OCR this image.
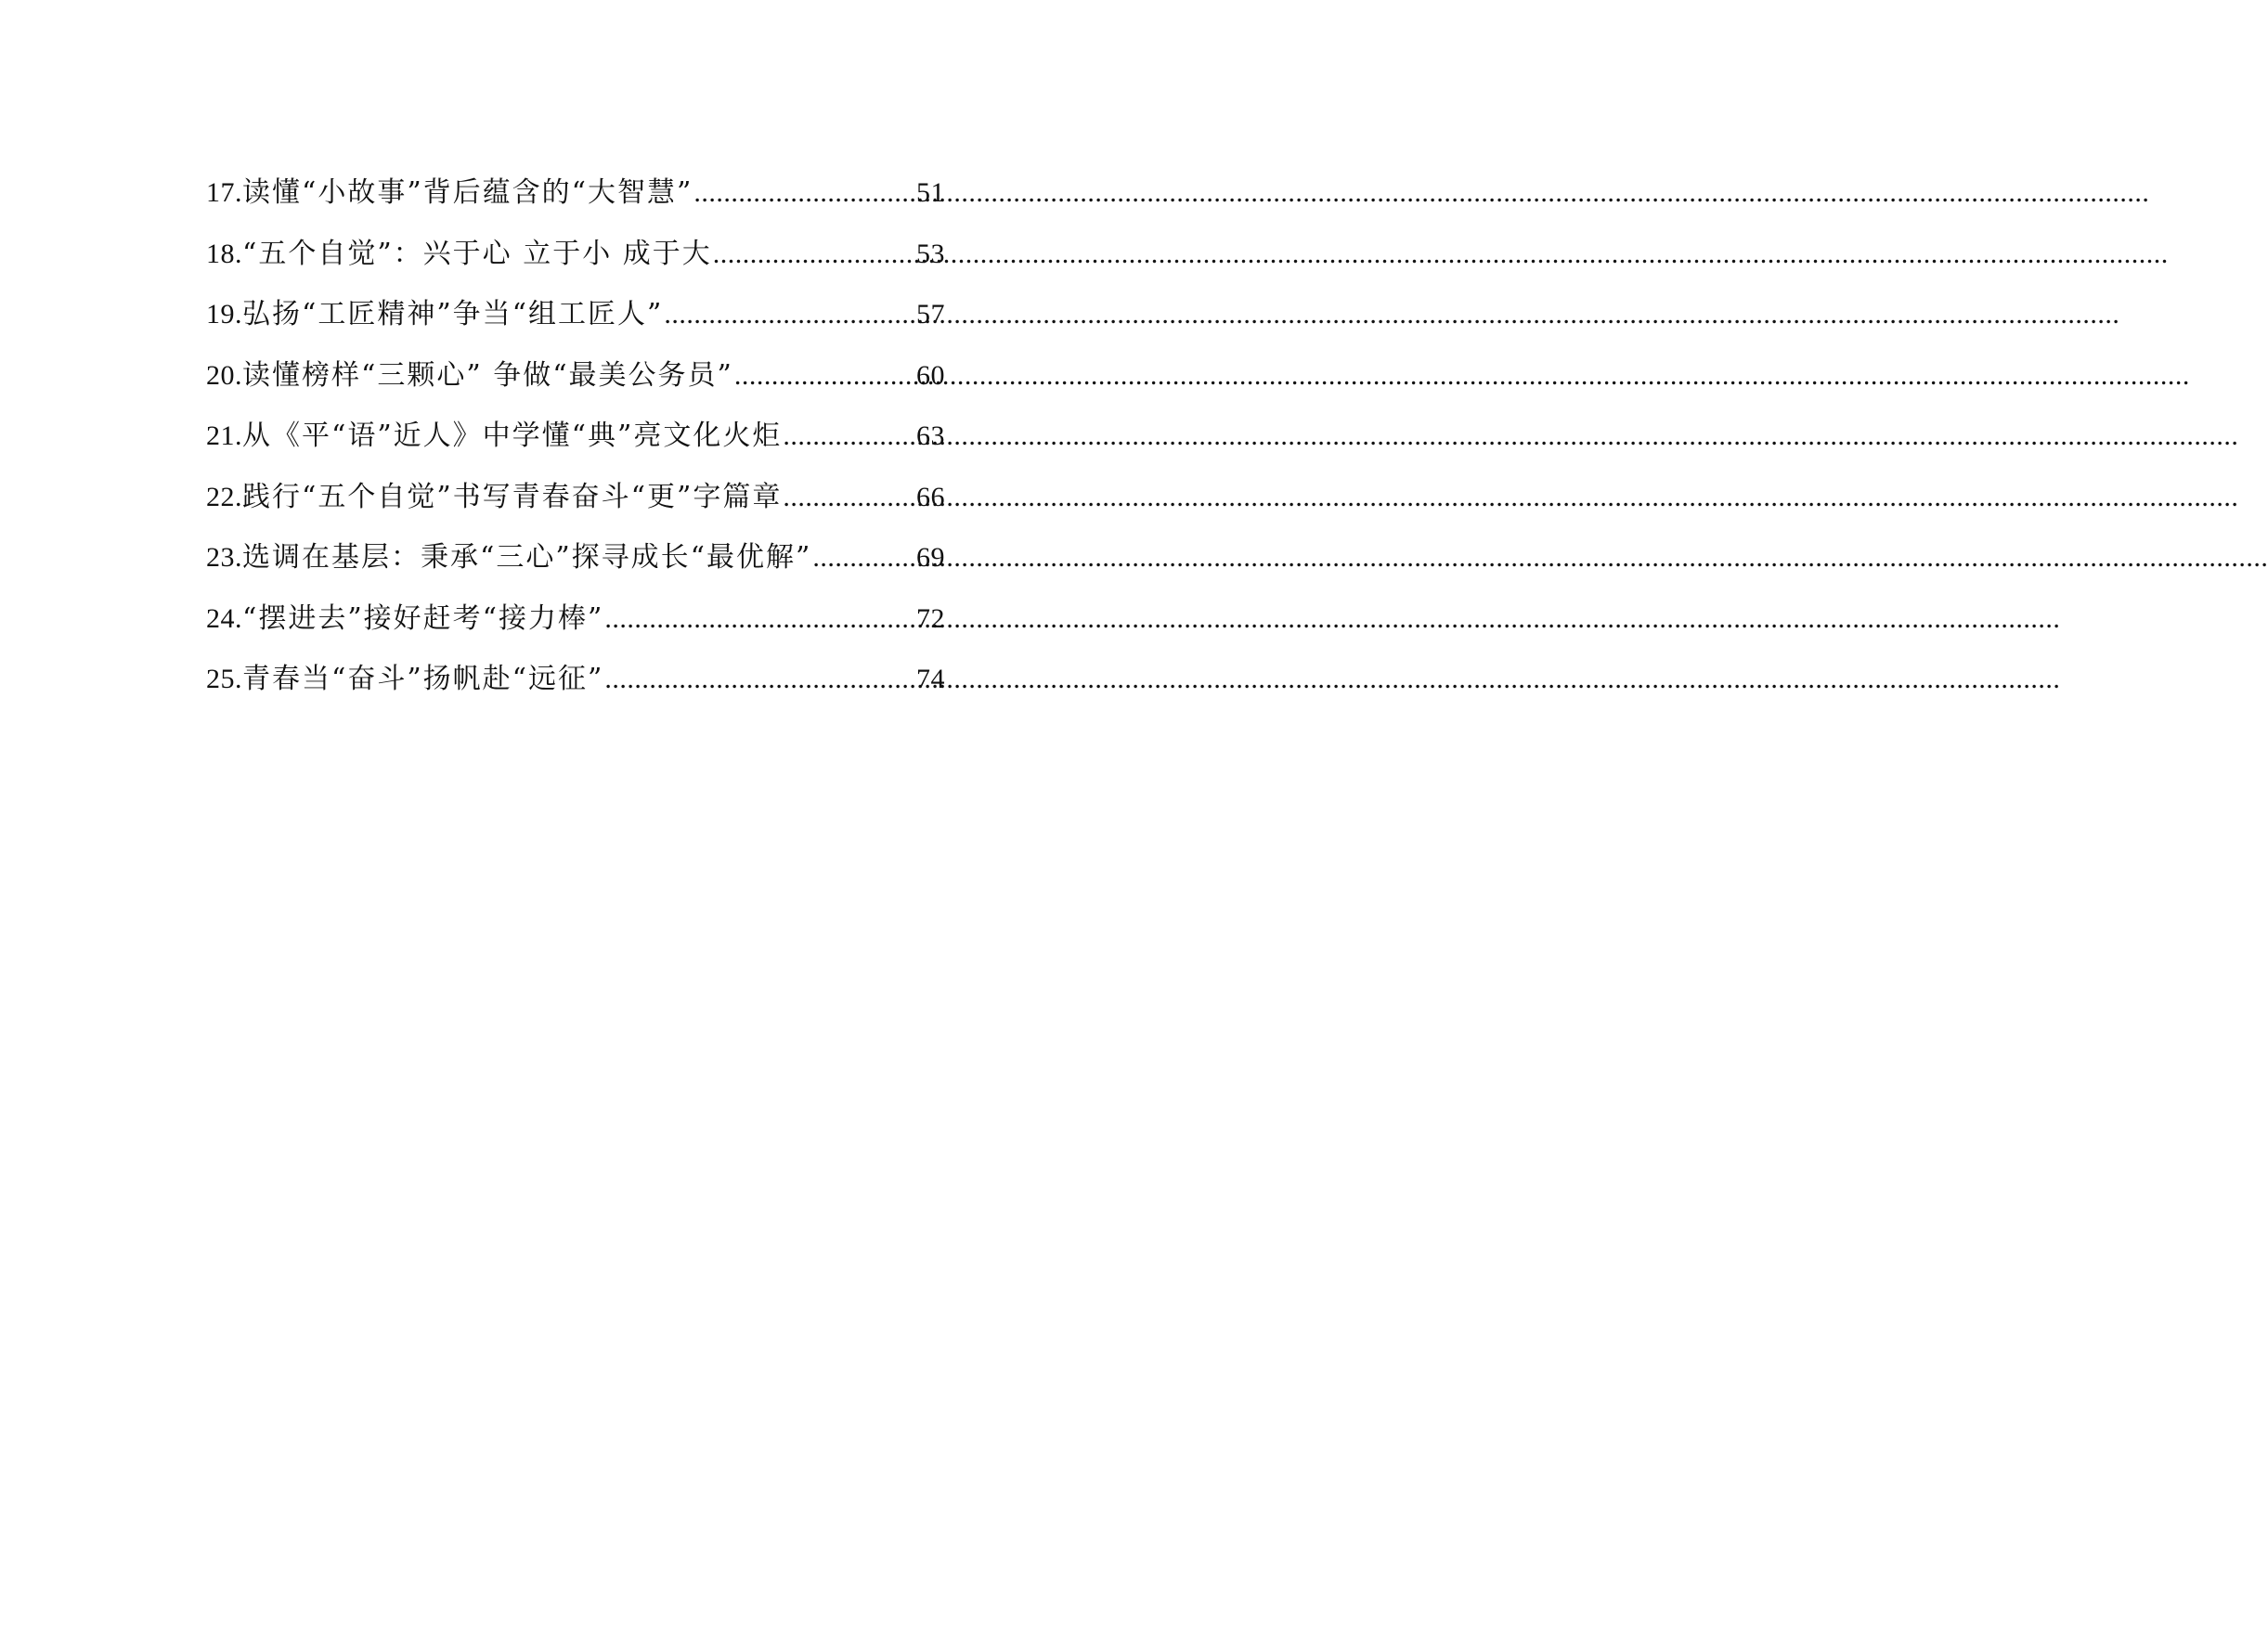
17. 读懂“小故事”背后蕴含的“大智慧” .....	51
18. “五个自觉”：兴于心 立于小 成于大 .....	53
19. 弘扬“工匠精神”争当“组工匠人” .....	57
20. 读懂榜样“三颗心” 争做“最美公务员” .....	60
21. 从《平“语”近人》中学懂“典”亮文化火炬 .....	63
22. 践行“五个自觉”书写青春奋斗“更”字篇章 .....	66
23. 选调在基层：秉承“三心”探寻成长“最优解” .....	69
24. “摆进去”接好赶考“接力棒” .....	72
25. 青春当“奋斗”扬帆赴“远征” .....	74
